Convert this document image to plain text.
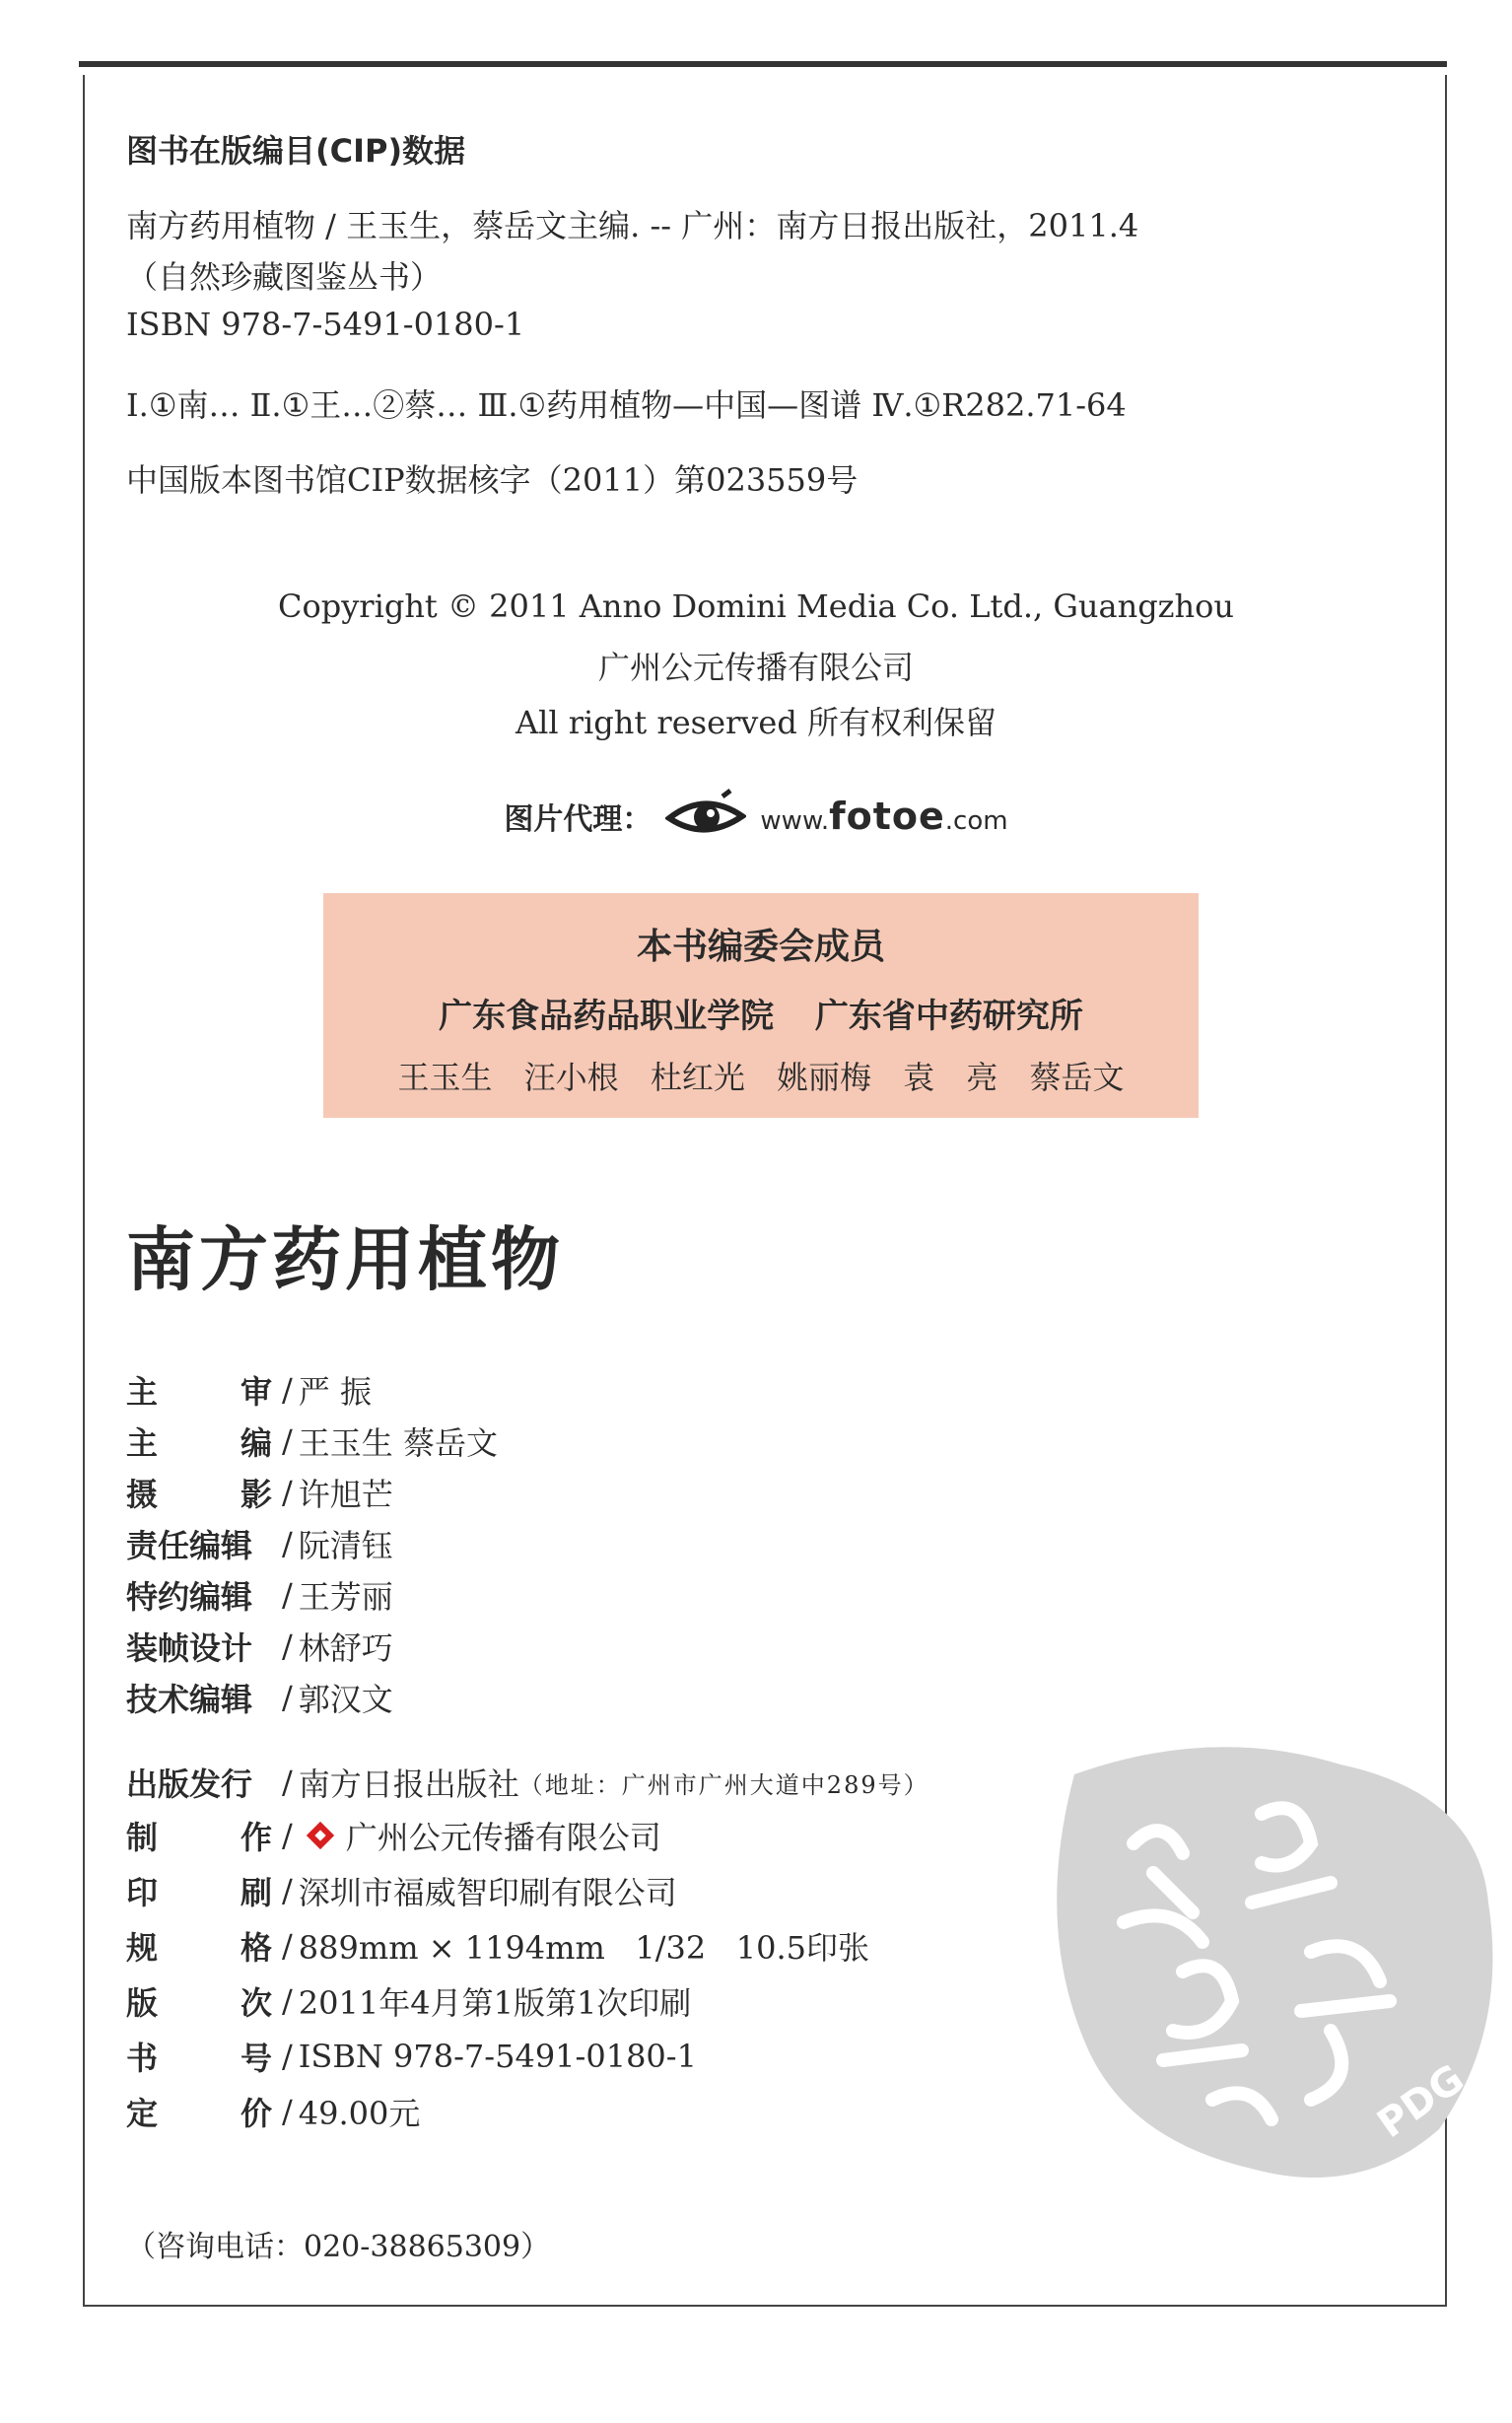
图书在版编目(CIP)数据
南方药用植物 / 王玉生，蔡岳文主编. -- 广州：南方日报出版社，2011.4
（自然珍藏图鉴丛书）
ISBN 978-7-5491-0180-1
Ⅰ.①南… Ⅱ.①王…②蔡… Ⅲ.①药用植物—中国—图谱 Ⅳ.①R282.71-64
中国版本图书馆CIP数据核字（2011）第023559号
Copyright © 2011 Anno Domini Media Co. Ltd., Guangzhou
广州公元传播有限公司
All right reserved 所有权利保留
图片代理：	www.fotoe.com
本书编委会成员
广东食品药品职业学院 广东省中药研究所
王玉生 汪小根 杜红光 姚丽梅 袁 亮 蔡岳文
南方药用植物
主	审 / 严 振
主	编 / 王玉生 蔡岳文
摄	影 / 许旭芒
责任编辑 / 阮清钰
特约编辑 / 王芳丽
装帧设计 / 林舒巧
技术编辑 / 郭汉文
出版发行 / 南方日报出版社 （地址：广州市广州大道中289号）
制	作 / 广州公元传播有限公司
印	刷 / 深圳市福威智印刷有限公司
规	格 / 889mm × 1194mm   1/32   10.5印张
版	次 / 2011年4月第1版第1次印刷
书	号 / ISBN 978-7-5491-0180-1
定	价 / 49.00元
（咨询电话：020-38865309）
PDG
